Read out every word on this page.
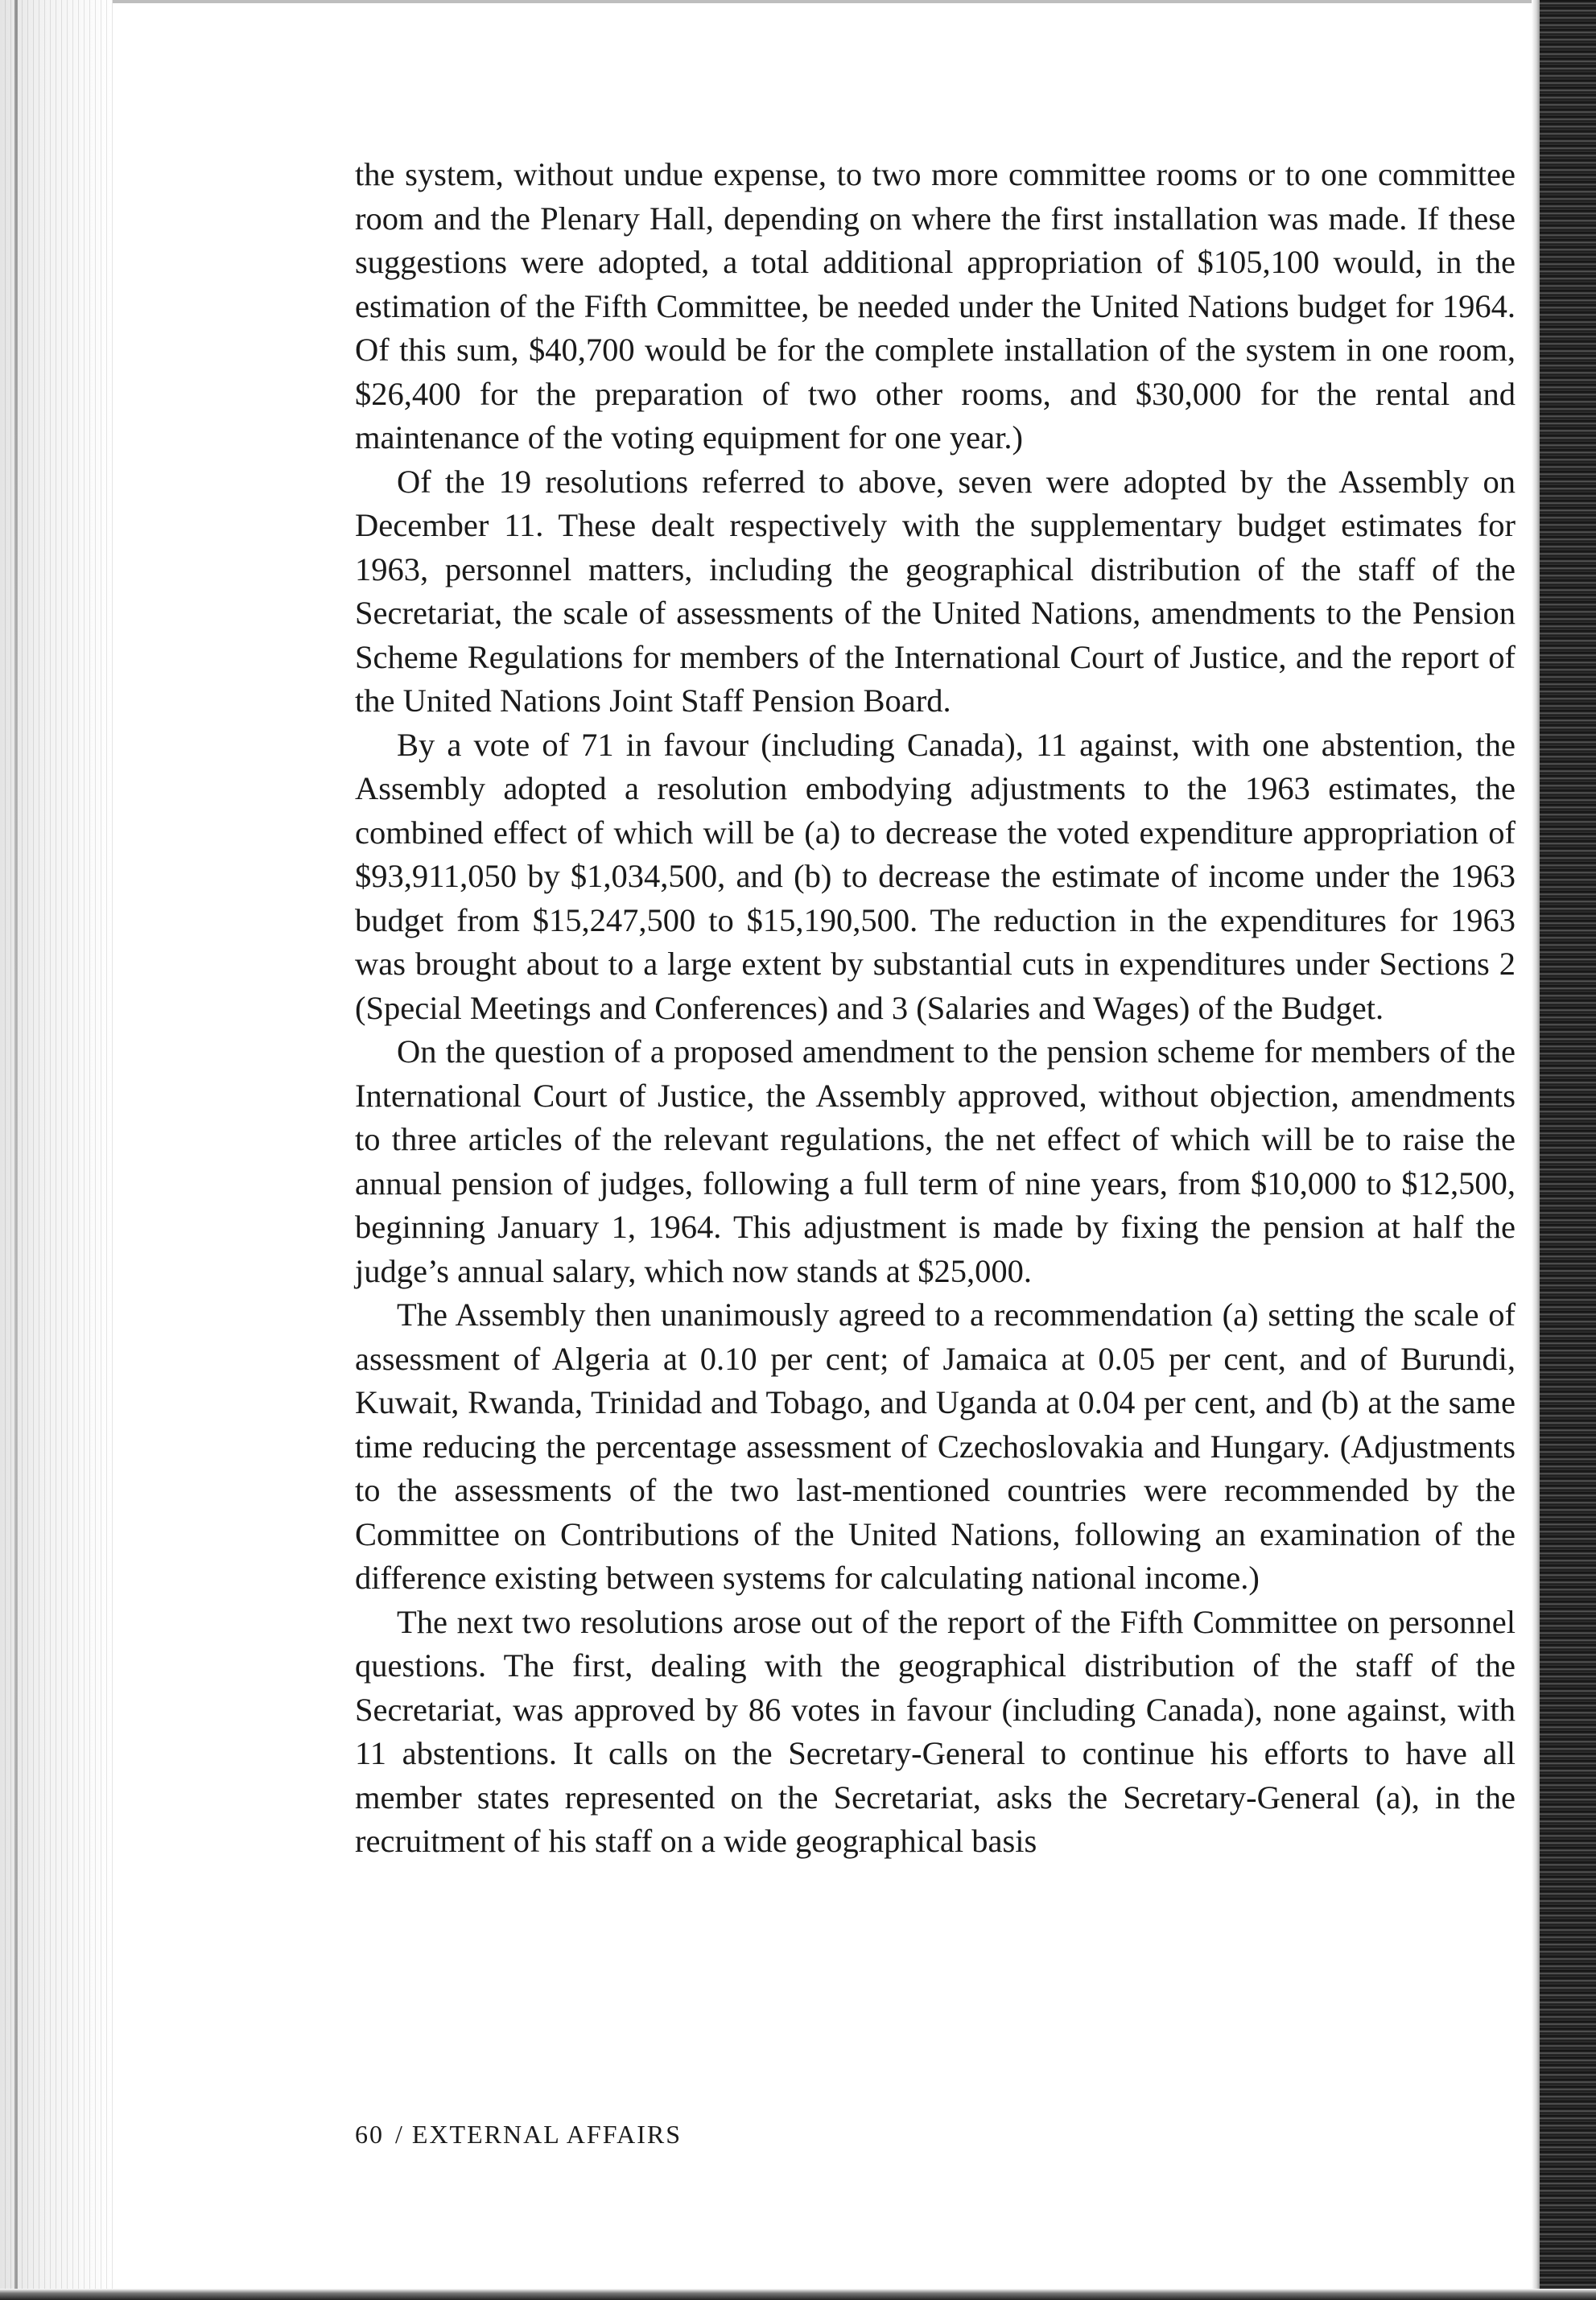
the system, without undue expense, to two more committee rooms or to one committee room and the Plenary Hall, depending on where the first installation was made. If these suggestions were adopted, a total additional appropriation of $105,100 would, in the estimation of the Fifth Committee, be needed under the United Nations budget for 1964. Of this sum, $40,700 would be for the complete installation of the system in one room, $26,400 for the preparation of two other rooms, and $30,000 for the rental and maintenance of the voting equipment for one year.)

Of the 19 resolutions referred to above, seven were adopted by the Assembly on December 11. These dealt respectively with the supplementary budget estimates for 1963, personnel matters, including the geographical distribution of the staff of the Secretariat, the scale of assessments of the United Nations, amendments to the Pension Scheme Regulations for members of the International Court of Justice, and the report of the United Nations Joint Staff Pension Board.

By a vote of 71 in favour (including Canada), 11 against, with one abstention, the Assembly adopted a resolution embodying adjustments to the 1963 estimates, the combined effect of which will be (a) to decrease the voted expenditure appropriation of $93,911,050 by $1,034,500, and (b) to decrease the estimate of income under the 1963 budget from $15,247,500 to $15,190,500. The reduction in the expenditures for 1963 was brought about to a large extent by substantial cuts in expenditures under Sections 2 (Special Meetings and Conferences) and 3 (Salaries and Wages) of the Budget.

On the question of a proposed amendment to the pension scheme for members of the International Court of Justice, the Assembly approved, without objection, amendments to three articles of the relevant regulations, the net effect of which will be to raise the annual pension of judges, following a full term of nine years, from $10,000 to $12,500, beginning January 1, 1964. This adjustment is made by fixing the pension at half the judge’s annual salary, which now stands at $25,000.

The Assembly then unanimously agreed to a recommendation (a) setting the scale of assessment of Algeria at 0.10 per cent; of Jamaica at 0.05 per cent, and of Burundi, Kuwait, Rwanda, Trinidad and Tobago, and Uganda at 0.04 per cent, and (b) at the same time reducing the percentage assessment of Czechoslovakia and Hungary. (Adjustments to the assessments of the two last-mentioned countries were recommended by the Committee on Contributions of the United Nations, following an examination of the difference existing between systems for calculating national income.)

The next two resolutions arose out of the report of the Fifth Committee on personnel questions. The first, dealing with the geographical distribution of the staff of the Secretariat, was approved by 86 votes in favour (including Canada), none against, with 11 abstentions. It calls on the Secretary-General to continue his efforts to have all member states represented on the Secretariat, asks the Secretary-General (a), in the recruitment of his staff on a wide geographical basis

60 / EXTERNAL AFFAIRS
